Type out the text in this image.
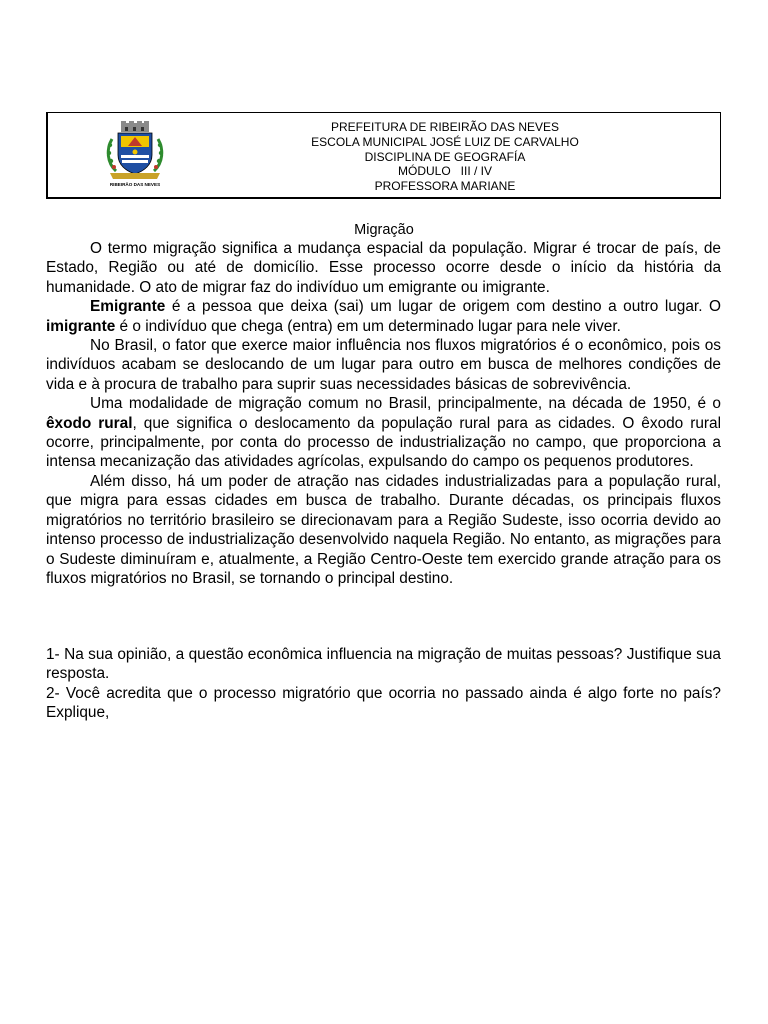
RIBEIRÃO DAS NEVES
PREFEITURA DE RIBEIRÃO DAS NEVES
ESCOLA MUNICIPAL JOSÉ LUIZ DE CARVALHO
DISCIPLINA DE GEOGRAFÍA
MÓDULO   III / IV
PROFESSORA MARIANE
Migração

O termo migração significa a mudança espacial da população. Migrar é trocar de país, de Estado, Região ou até de domicílio. Esse processo ocorre desde o início da história da humanidade. O ato de migrar faz do indivíduo um emigrante ou imigrante.

Emigrante é a pessoa que deixa (sai) um lugar de origem com destino a outro lugar. O imigrante é o indivíduo que chega (entra) em um determinado lugar para nele viver.

No Brasil, o fator que exerce maior influência nos fluxos migratórios é o econômico, pois os indivíduos acabam se deslocando de um lugar para outro em busca de melhores condições de vida e à procura de trabalho para suprir suas necessidades básicas de sobrevivência.

Uma modalidade de migração comum no Brasil, principalmente, na década de 1950, é o êxodo rural, que significa o deslocamento da população rural para as cidades. O êxodo rural ocorre, principalmente, por conta do processo de industrialização no campo, que proporciona a intensa mecanização das atividades agrícolas, expulsando do campo os pequenos produtores.

Além disso, há um poder de atração nas cidades industrializadas para a população rural, que migra para essas cidades em busca de trabalho. Durante décadas, os principais fluxos migratórios no território brasileiro se direcionavam para a Região Sudeste, isso ocorria devido ao intenso processo de industrialização desenvolvido naquela Região. No entanto, as migrações para o Sudeste diminuíram e, atualmente, a Região Centro-Oeste tem exercido grande atração para os fluxos migratórios no Brasil, se tornando o principal destino.

1- Na sua opinião, a questão econômica influencia na migração de muitas pessoas? Justifique sua resposta.

2- Você acredita que o processo migratório que ocorria no passado ainda é algo forte no país? Explique,
